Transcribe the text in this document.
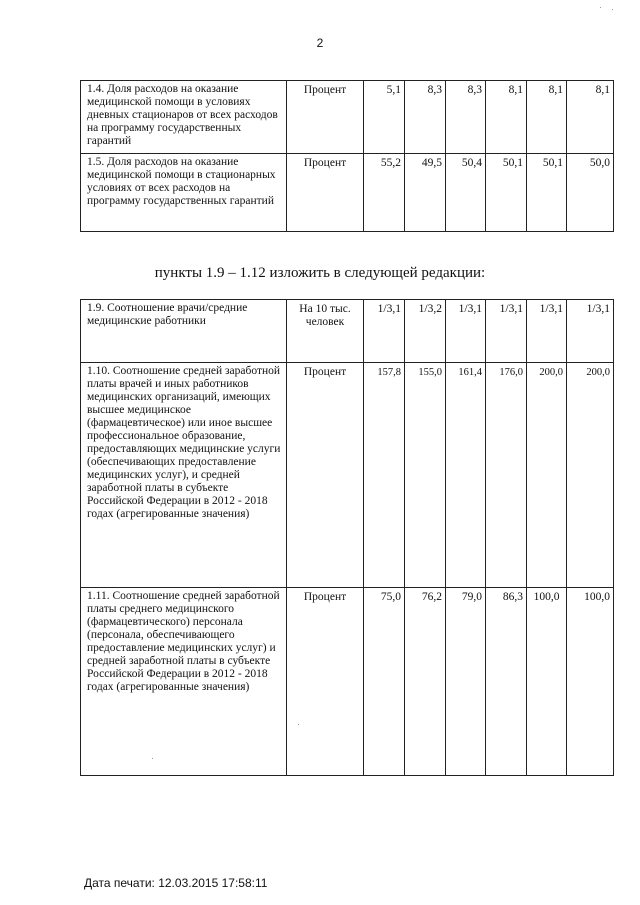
2
1.4. Доля расходов на оказание медицинской помощи в условиях дневных стационаров от всех расходов на программу государственных гарантий	Процент	5,1	8,3	8,3	8,1	8,1	8,1
1.5. Доля расходов на оказание медицинской помощи в стационарных условиях от всех расходов на программу государственных гарантий	Процент	55,2	49,5	50,4	50,1	50,1	50,0
пункты 1.9 – 1.12 изложить в следующей редакции:
1.9. Соотношение врачи/средние медицинские работники	На 10 тыс. человек	1/3,1	1/3,2	1/3,1	1/3,1	1/3,1	1/3,1
1.10. Соотношение средней заработной платы врачей и иных работников медицинских организаций, имеющих высшее медицинское (фармацевтическое) или иное высшее профессиональное образование, предоставляющих медицинские услуги (обеспечивающих предоставление медицинских услуг), и средней заработной платы в субъекте Российской Федерации в 2012 - 2018 годах (агрегированные значения)	Процент	157,8	155,0	161,4	176,0	200,0	200,0
1.11. Соотношение средней заработной платы среднего медицинского (фармацевтического) персонала (персонала, обеспечивающего предоставление медицинских услуг) и средней заработной платы в субъекте Российской Федерации в 2012 - 2018 годах (агрегированные значения)	Процент	75,0	76,2	79,0	86,3	100,0	100,0
Дата печати: 12.03.2015 17:58:11
